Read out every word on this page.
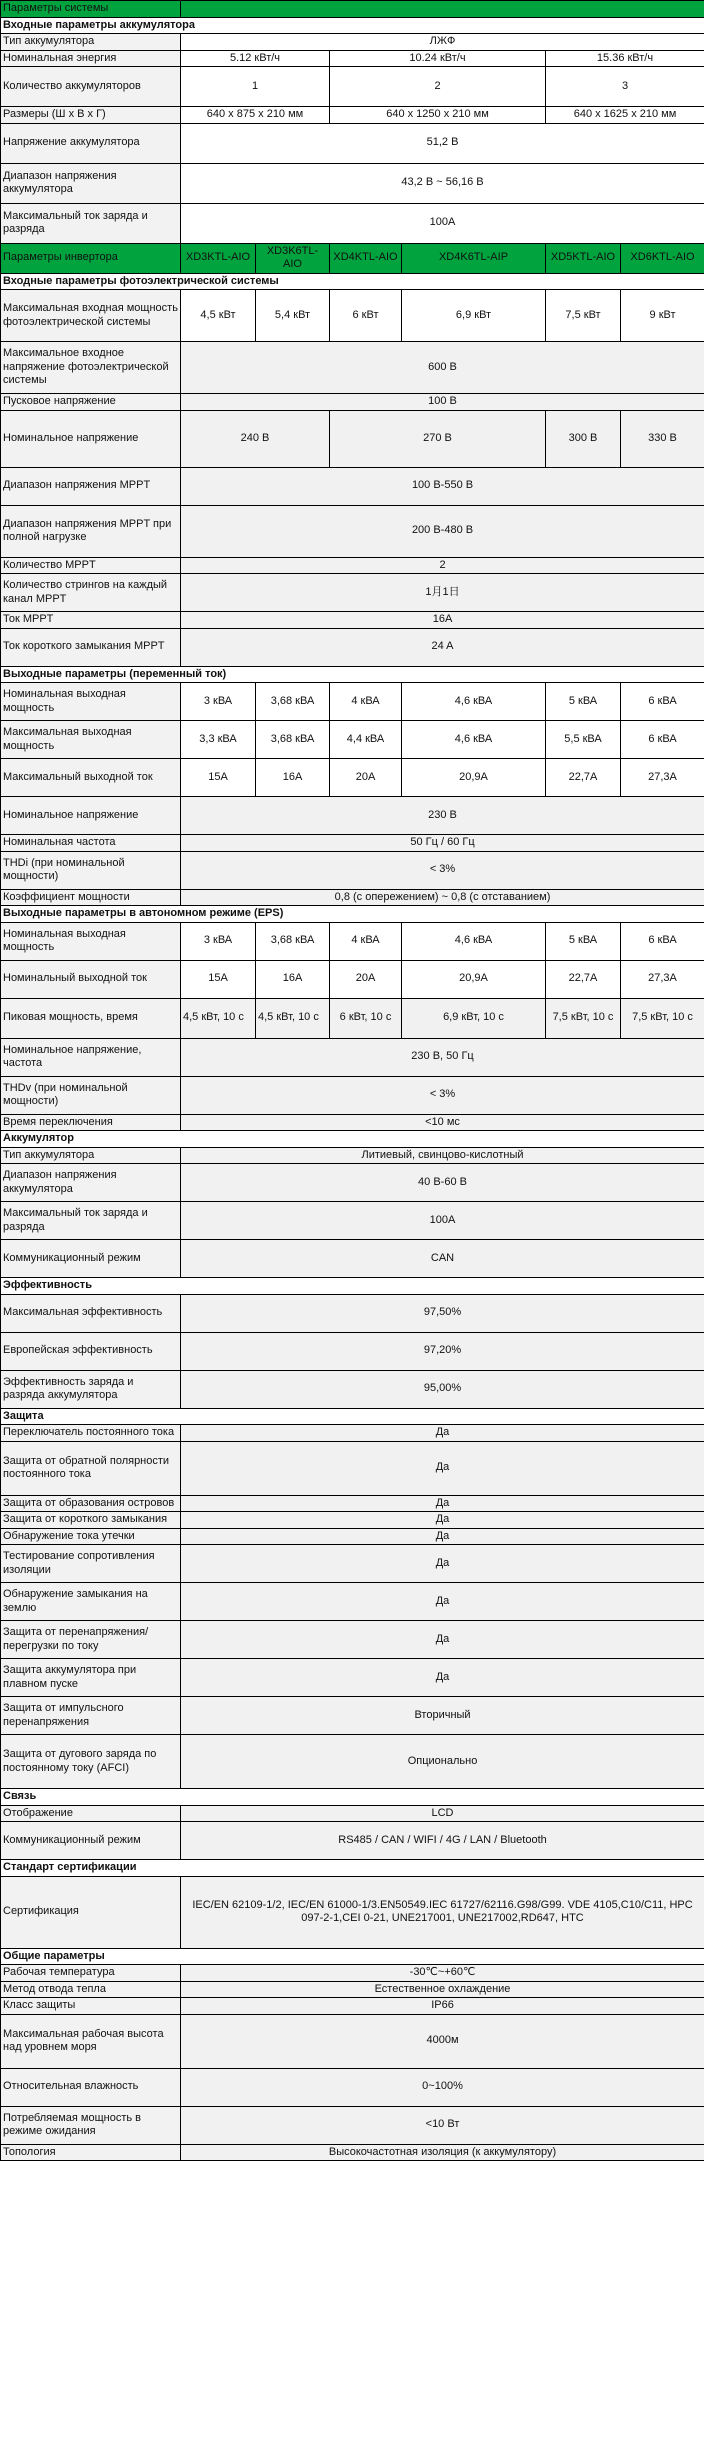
Параметры системы							
Входные параметры аккумулятора							
Тип аккумулятора	ЛЖФ						
Номинальная энергия	5.12 кВт/ч		10.24 кВт/ч		15.36 кВт/ч		
Количество аккумуляторов	1		2		3		
Размеры (Ш x В x Г)	640 x 875 x 210 мм		640 x 1250 x 210 мм		640 x 1625 x 210 мм		
Напряжение аккумулятора	51,2 В						
Диапазон напряжения аккумулятора	43,2 В ~ 56,16 В						
Максимальный ток заряда и разряда	100A						
Параметры инвертора	XD3KTL-AIO	XD3K6TL-AIO	XD4KTL-AIO	XD4K6TL-AIP	XD5KTL-AIO	XD6KTL-AIO	
Входные параметры фотоэлектрической системы							
Максимальная входная мощность фотоэлектрической системы	4,5 кВт	5,4 кВт	6 кВт	6,9 кВт	7,5 кВт	9 кВт	
Максимальное входное напряжение фотоэлектрической системы	600 В						
Пусковое напряжение	100 В						
Номинальное напряжение	240 В		270 В		300 В	330 В	
Диапазон напряжения MPPT	100 В-550 В						
Диапазон напряжения MPPT при полной нагрузке	200 В-480 В						
Количество MPPT	2						
Количество стрингов на каждый канал MPPT	1月1日						
Ток MPPT	16A						
Ток короткого замыкания MPPT	24 A						
Выходные параметры (переменный ток)							
Номинальная выходная мощность	3 кВА	3,68 кВА	4 кВА	4,6 кВА	5 кВА	6 кВА	
Максимальная выходная мощность	3,3 кВА	3,68 кВА	4,4 кВА	4,6 кВА	5,5 кВА	6 кВА	
Максимальный выходной ток	15A	16A	20A	20,9A	22,7A	27,3A	
Номинальное напряжение	230 В						
Номинальная частота	50 Гц / 60 Гц						
THDi (при номинальной мощности)	< 3%						
Коэффициент мощности	0,8 (с опережением) ~ 0,8 (с отставанием)						
Выходные параметры в автономном режиме (EPS)							
Номинальная выходная мощность	3 кВА	3,68 кВА	4 кВА	4,6 кВА	5 кВА	6 кВА	
Номинальный выходной ток	15A	16A	20A	20,9A	22,7A	27,3A	
Пиковая мощность, время	4,5 кВт, 10 с	4,5 кВт, 10 с	6 кВт, 10 с	6,9 кВт, 10 с	7,5 кВт, 10 с	7,5 кВт, 10 с	
Номинальное напряжение, частота	230 В, 50 Гц						
THDv (при номинальной мощности)	< 3%						
Время переключения	<10 мс						
Аккумулятор							
Тип аккумулятора	Литиевый, свинцово-кислотный						
Диапазон напряжения аккумулятора	40 В-60 В						
Максимальный ток заряда и разряда	100A						
Коммуникационный режим	CAN						
Эффективность							
Максимальная эффективность	97,50%						
Европейская эффективность	97,20%						
Эффективность заряда и разряда аккумулятора	95,00%						
Защита							
Переключатель постоянного тока	Да						
Защита от обратной полярности постоянного тока	Да						
Защита от образования островов	Да						
Защита от короткого замыкания	Да						
Обнаружение тока утечки	Да						
Тестирование сопротивления изоляции	Да						
Обнаружение замыкания на землю	Да						
Защита от перенапряжения/перегрузки по току	Да						
Защита аккумулятора при плавном пуске	Да						
Защита от импульсного перенапряжения	Вторичный						
Защита от дугового заряда по постоянному току (AFCI)	Опционально						
Связь							
Отображение	LCD						
Коммуникационный режим	RS485 / CAN / WIFI / 4G / LAN / Bluetooth						
Стандарт сертификации							
Сертификация	IEC/EN 62109-1/2, IEC/EN 61000-1/3.EN50549.IEC 61727/62116.G98/G99. VDE 4105,C10/C11, HPC 097-2-1,CEI 0-21, UNE217001, UNE217002,RD647, HTC						
Общие параметры							
Рабочая температура	-30℃~+60℃						
Метод отвода тепла	Естественное охлаждение						
Класс защиты	IP66						
Максимальная рабочая высота над уровнем моря	4000м						
Относительная влажность	0~100%						
Потребляемая мощность в режиме ожидания	<10 Вт						
Топология	Высокочастотная изоляция (к аккумулятору)						
